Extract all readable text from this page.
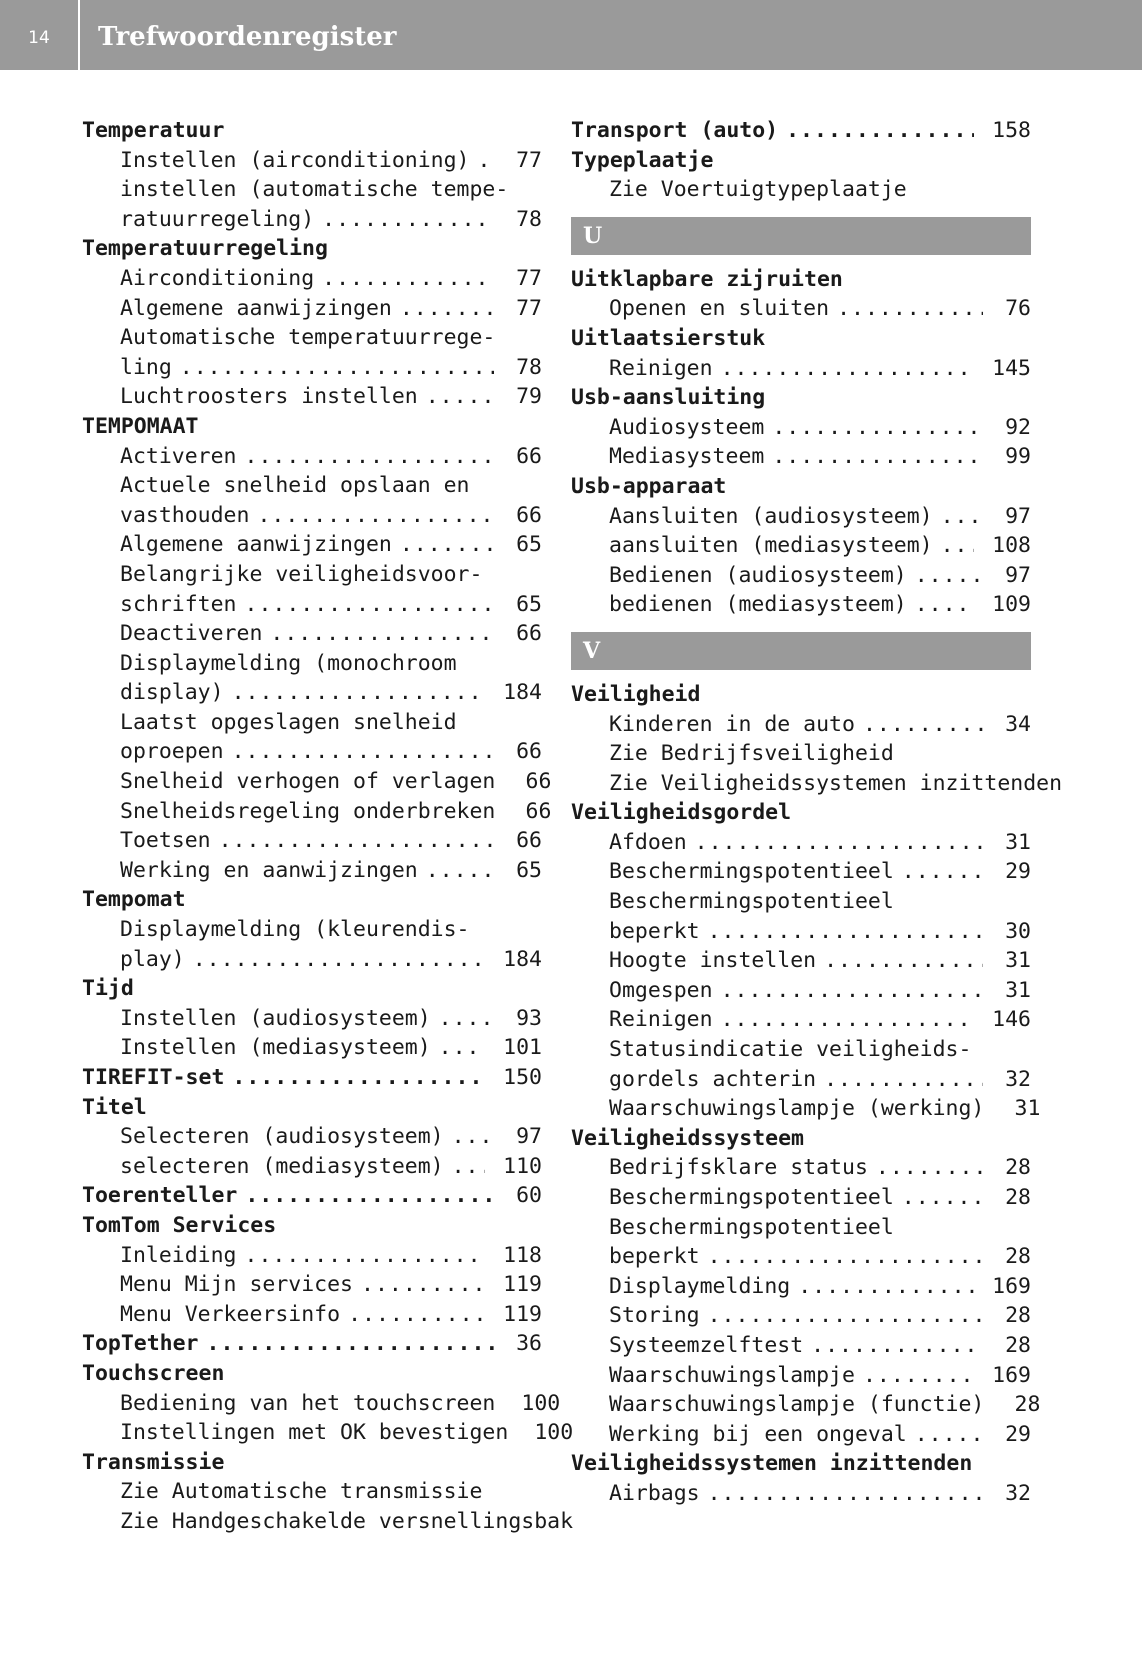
14	Trefwoordenregister
Temperatuur
Instellen (airconditioning) .....	77
instellen (automatische tempe-
ratuurregeling) .....	78
Temperatuurregeling
Airconditioning .....	77
Algemene aanwijzingen .....	77
Automatische temperatuurrege-
ling .....	78
Luchtroosters instellen .....	79
TEMPOMAAT
Activeren .....	66
Actuele snelheid opslaan en
vasthouden .....	66
Algemene aanwijzingen .....	65
Belangrijke veiligheidsvoor-
schriften .....	65
Deactiveren .....	66
Displaymelding (monochroom
display) .....	184
Laatst opgeslagen snelheid
oproepen .....	66
Snelheid verhogen of verlagen	66
Snelheidsregeling onderbreken	66
Toetsen .....	66
Werking en aanwijzingen .....	65
Tempomat
Displaymelding (kleurendis-
play) .....	184
Tijd
Instellen (audiosysteem) .....	93
Instellen (mediasysteem) .....	101
TIREFIT-set .....	150
Titel
Selecteren (audiosysteem) .....	97
selecteren (mediasysteem) .....	110
Toerenteller .....	60
TomTom Services
Inleiding .....	118
Menu Mijn services .....	119
Menu Verkeersinfo .....	119
TopTether .....	36
Touchscreen
Bediening van het touchscreen	100
Instellingen met OK bevestigen	100
Transmissie
Zie Automatische transmissie
Zie Handgeschakelde versnellingsbak
Transport (auto) .....	158
Typeplaatje
Zie Voertuigtypeplaatje
U
Uitklapbare zijruiten
Openen en sluiten .....	76
Uitlaatsierstuk
Reinigen .....	145
Usb-aansluiting
Audiosysteem .....	92
Mediasysteem .....	99
Usb-apparaat
Aansluiten (audiosysteem) .....	97
aansluiten (mediasysteem) .....	108
Bedienen (audiosysteem) .....	97
bedienen (mediasysteem) .....	109
V
Veiligheid
Kinderen in de auto .....	34
Zie Bedrijfsveiligheid
Zie Veiligheidssystemen inzittenden
Veiligheidsgordel
Afdoen .....	31
Beschermingspotentieel .....	29
Beschermingspotentieel
beperkt .....	30
Hoogte instellen .....	31
Omgespen .....	31
Reinigen .....	146
Statusindicatie veiligheids-
gordels achterin .....	32
Waarschuwingslampje (werking)	31
Veiligheidssysteem
Bedrijfsklare status .....	28
Beschermingspotentieel .....	28
Beschermingspotentieel
beperkt .....	28
Displaymelding .....	169
Storing .....	28
Systeemzelftest .....	28
Waarschuwingslampje .....	169
Waarschuwingslampje (functie)	28
Werking bij een ongeval .....	29
Veiligheidssystemen inzittenden
Airbags .....	32
